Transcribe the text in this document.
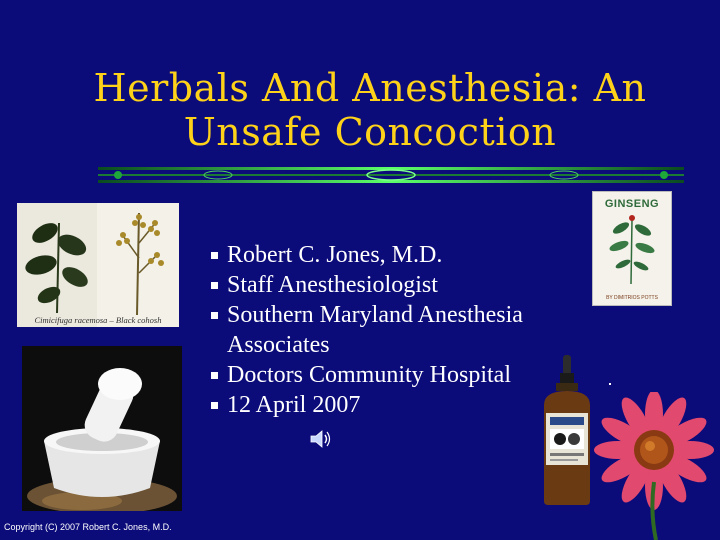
Herbals And Anesthesia: An Unsafe Concoction
Cimicifuga racemosa – Black cohosh
GINSENG
BY DIMITRIOS POTTS
Robert C. Jones, M.D.
Staff Anesthesiologist
Southern Maryland Anesthesia Associates
Doctors Community Hospital
12 April 2007
Copyright (C) 2007 Robert C. Jones, M.D.
